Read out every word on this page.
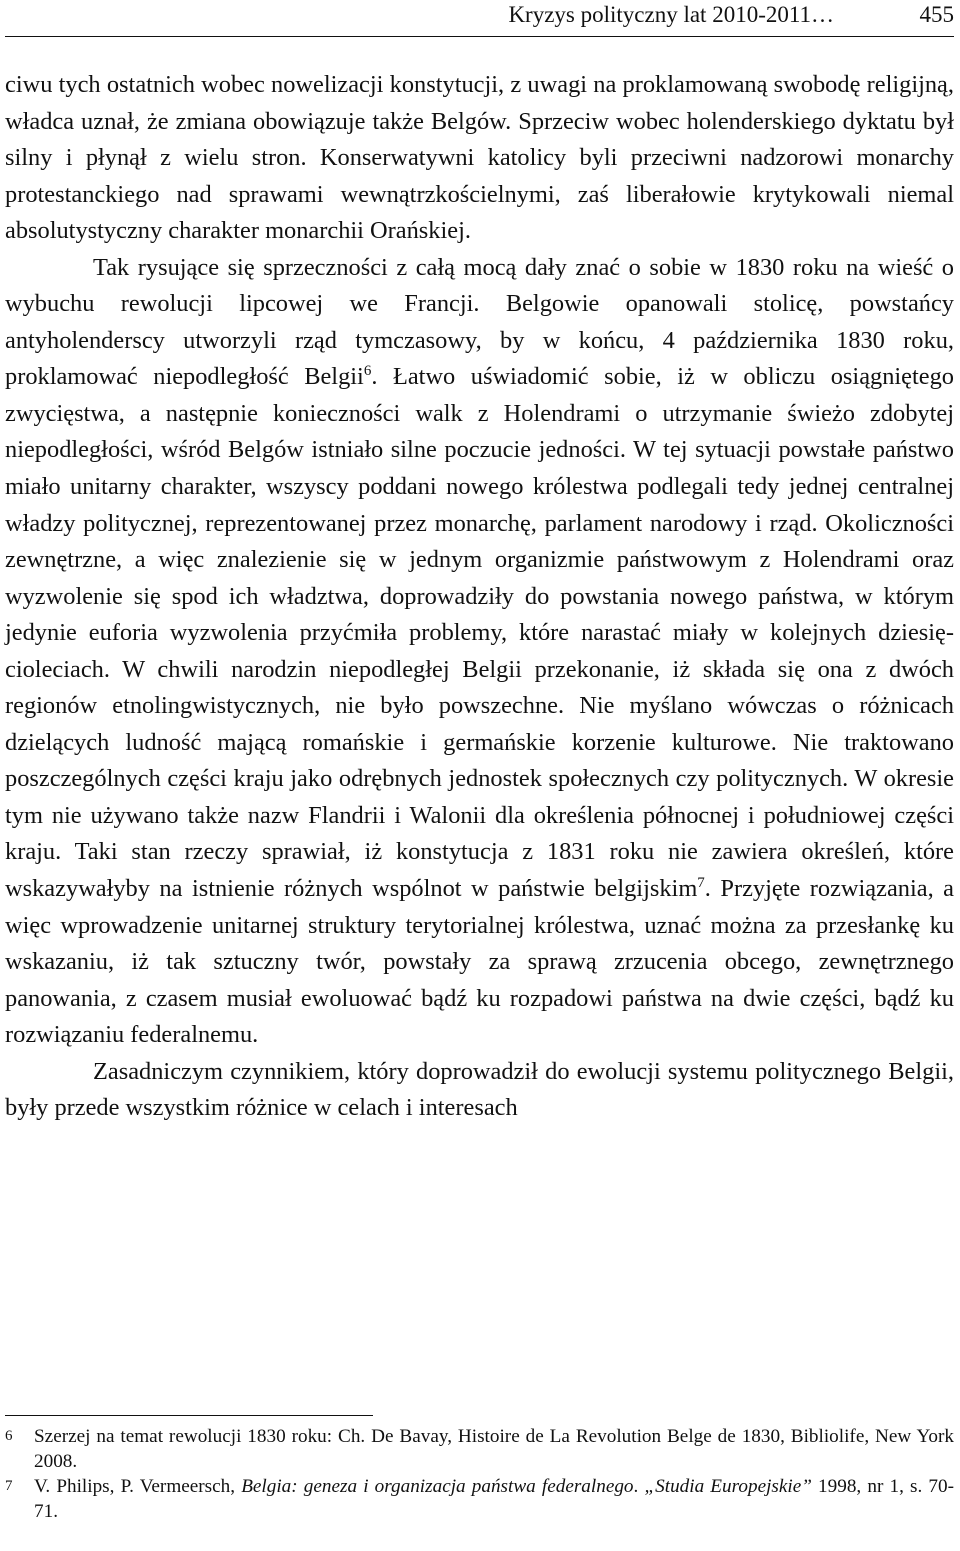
Kryzys polityczny lat 2010-2011…	455

ciwu tych ostatnich wobec nowelizacji konstytucji, z uwagi na proklamowaną swobodę religijną, władca uznał, że zmiana obowiązuje także Belgów. Sprzeciw wobec holenderskiego dyktatu był silny i płynął z wielu stron. Konserwatywni katolicy byli przeciwni nadzorowi monarchy protestanckiego nad sprawami wewnątrzkościelnymi, zaś liberałowie krytykowali niemal absolutystyczny charakter monarchii Orańskiej.

Tak rysujące się sprzeczności z całą mocą dały znać o sobie w 1830 roku na wieść o wybuchu rewolucji lipcowej we Francji. Belgowie opanowali stolicę, powstańcy antyholenderscy utworzyli rząd tymczasowy, by w końcu, 4 października 1830 roku, proklamować niepodległość Belgii$^6$. Łatwo uświadomić sobie, iż w obliczu osiągniętego zwycięstwa, a następnie konieczności walk z Holendrami o utrzymanie świeżo zdobytej niepodległości, wśród Belgów istniało silne poczucie jedności. W tej sytuacji powstałe państwo miało unitarny charakter, wszyscy poddani nowego królestwa podlegali tedy jednej centralnej władzy politycznej, reprezentowanej przez monarchę, parlament narodowy i rząd. Okoliczności zewnętrzne, a więc znalezienie się w jednym organizmie państwowym z Holendrami oraz wyzwolenie się spod ich władztwa, doprowadziły do powstania nowego państwa, w którym jedynie euforia wyzwolenia przyćmiła problemy, które narastać miały w kolejnych dziesięcioleciach. W chwili narodzin niepodległej Belgii przekonanie, iż składa się ona z dwóch regionów etnolingwistycznych, nie było powszechne. Nie myślano wówczas o różnicach dzielących ludność mającą romańskie i germańskie korzenie kulturowe. Nie traktowano poszczególnych części kraju jako odrębnych jednostek społecznych czy politycznych. W okresie tym nie używano także nazw Flandrii i Walonii dla określenia północnej i południowej części kraju. Taki stan rzeczy sprawiał, iż konstytucja z 1831 roku nie zawiera określeń, które wskazywałyby na istnienie różnych wspólnot w państwie belgijskim$^7$. Przyjęte rozwiązania, a więc wprowadzenie unitarnej struktury terytorialnej królestwa, uznać można za przesłankę ku wskazaniu, iż tak sztuczny twór, powstały za sprawą zrzucenia obcego, zewnętrznego panowania, z czasem musiał ewoluować bądź ku rozpadowi państwa na dwie części, bądź ku rozwiązaniu federalnemu.

Zasadniczym czynnikiem, który doprowadził do ewolucji systemu politycznego Belgii, były przede wszystkim różnice w celach i interesach

6 Szerzej na temat rewolucji 1830 roku: Ch. De Bavay, Histoire de La Revolution Belge de 1830, Bibliolife, New York 2008.
7 V. Philips, P. Vermeersch, Belgia: geneza i organizacja państwa federalnego. „Studia Europejskie” 1998, nr 1, s. 70-71.
